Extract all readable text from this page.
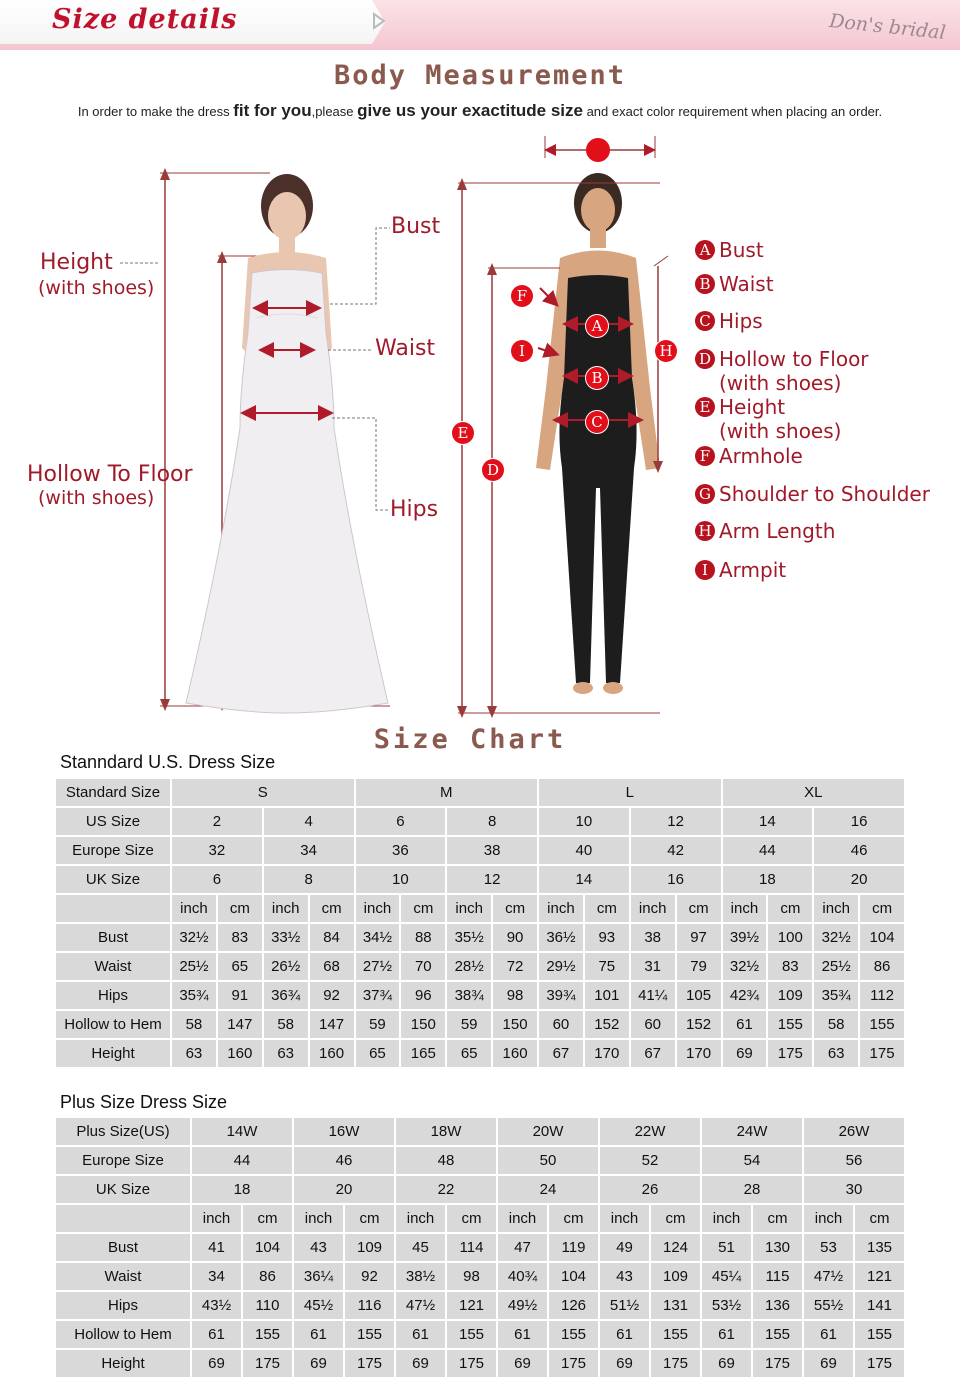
Size details	Don's bridal
Body Measurement
In order to make the dress fit for you,please give us your exactitude size and exact color requirement when placing an order.
Height
(with shoes)
Hollow To Floor
(with shoes)
Bust
Waist
Hips
F
I
A
B
C
E
D
H
A Bust
B Waist
C Hips
D Hollow to Floor
(with shoes)
E Height
(with shoes)
F Armhole
G Shoulder to Shoulder
H Arm Length
I Armpit
Size Chart
Stanndard U.S. Dress Size
Standard Size	S				M				L				XL			
US Size	2		4		6		8		10		12		14		16	
Europe Size	32		34		36		38		40		42		44		46	
UK Size	6		8		10		12		14		16		18		20	
	inch	cm	inch	cm	inch	cm	inch	cm	inch	cm	inch	cm	inch	cm	inch	cm
Bust	32½	83	33½	84	34½	88	35½	90	36½	93	38	97	39½	100	32½	104
Waist	25½	65	26½	68	27½	70	28½	72	29½	75	31	79	32½	83	25½	86
Hips	35¾	91	36¾	92	37¾	96	38¾	98	39¾	101	41¼	105	42¾	109	35¾	112
Hollow to Hem	58	147	58	147	59	150	59	150	60	152	60	152	61	155	58	155
Height	63	160	63	160	65	165	65	160	67	170	67	170	69	175	63	175
Plus Size Dress Size
Plus Size(US)	14W		16W		18W		20W		22W		24W		26W	
Europe Size	44		46		48		50		52		54		56	
UK Size	18		20		22		24		26		28		30	
	inch	cm	inch	cm	inch	cm	inch	cm	inch	cm	inch	cm	inch	cm
Bust	41	104	43	109	45	114	47	119	49	124	51	130	53	135
Waist	34	86	36¼	92	38½	98	40¾	104	43	109	45¼	115	47½	121
Hips	43½	110	45½	116	47½	121	49½	126	51½	131	53½	136	55½	141
Hollow to Hem	61	155	61	155	61	155	61	155	61	155	61	155	61	155
Height	69	175	69	175	69	175	69	175	69	175	69	175	69	175
